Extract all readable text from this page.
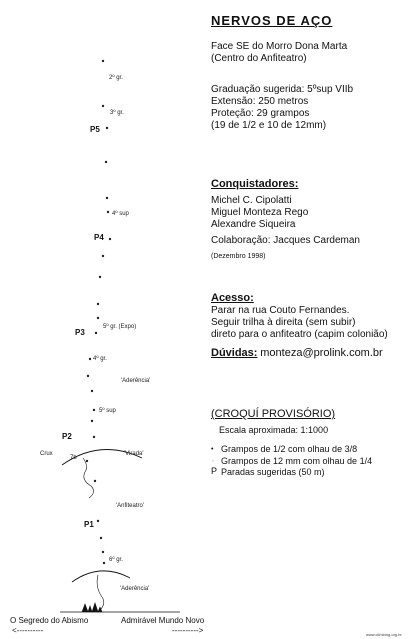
2º gr.
3º gr.
4º sup
5º gr. (Expo)
4º gr.
5º sup
6º gr.
P5
P4
P3
P2
P1
'Aderência'
Crux
7b
'Virada'
'Anfiteatro'
'Aderência'
O Segredo do Abismo
<----------
Admirável Mundo Novo
---------->
NERVOS DE AÇO
Face SE do Morro Dona Marta
(Centro do Anfiteatro)
Graduação sugerida: 5ºsup VIIb
Extensão: 250 metros
Proteção: 29 grampos
(19 de 1/2 e 10 de 12mm)
Conquistadores:
Michel C. Cipolatti
Miguel Monteza Rego
Alexandre Siqueira
Colaboração: Jacques Cardeman
(Dezembro 1998)
Acesso:
Parar na rua Couto Fernandes.
Seguir trilha à direita (sem subir)
direto para o anfiteatro (capim colonião)
Dúvidas: monteza@prolink.com.br
(CROQUÍ PROVISÓRIO)
Escala aproximada: 1:1000
• Grampos de 1/2 com olhau de 3/8
‧ Grampos de 12 mm com olhau de 1/4
P Paradas sugeridas (50 m)
www.climbing.org.br
